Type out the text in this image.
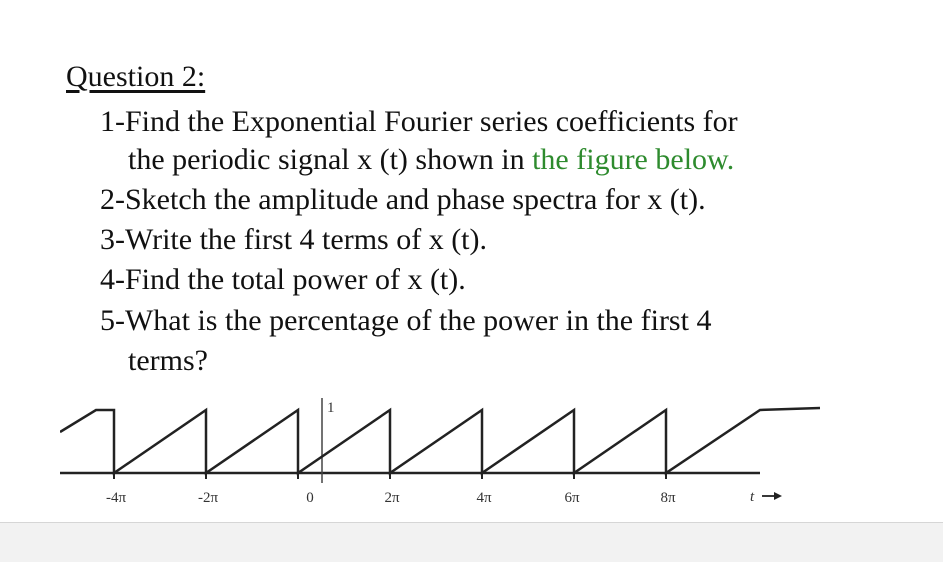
Question 2:
1-Find the Exponential Fourier series coefficients for
the periodic signal x (t) shown in the figure below.
2-Sketch the amplitude and phase spectra for x (t).
3-Write the first 4 terms of x (t).
4-Find the total power of x (t).
5-What is the percentage of the power in the first 4
terms?
1
-4π	-2π	0	2π	4π	6π	8π	t
